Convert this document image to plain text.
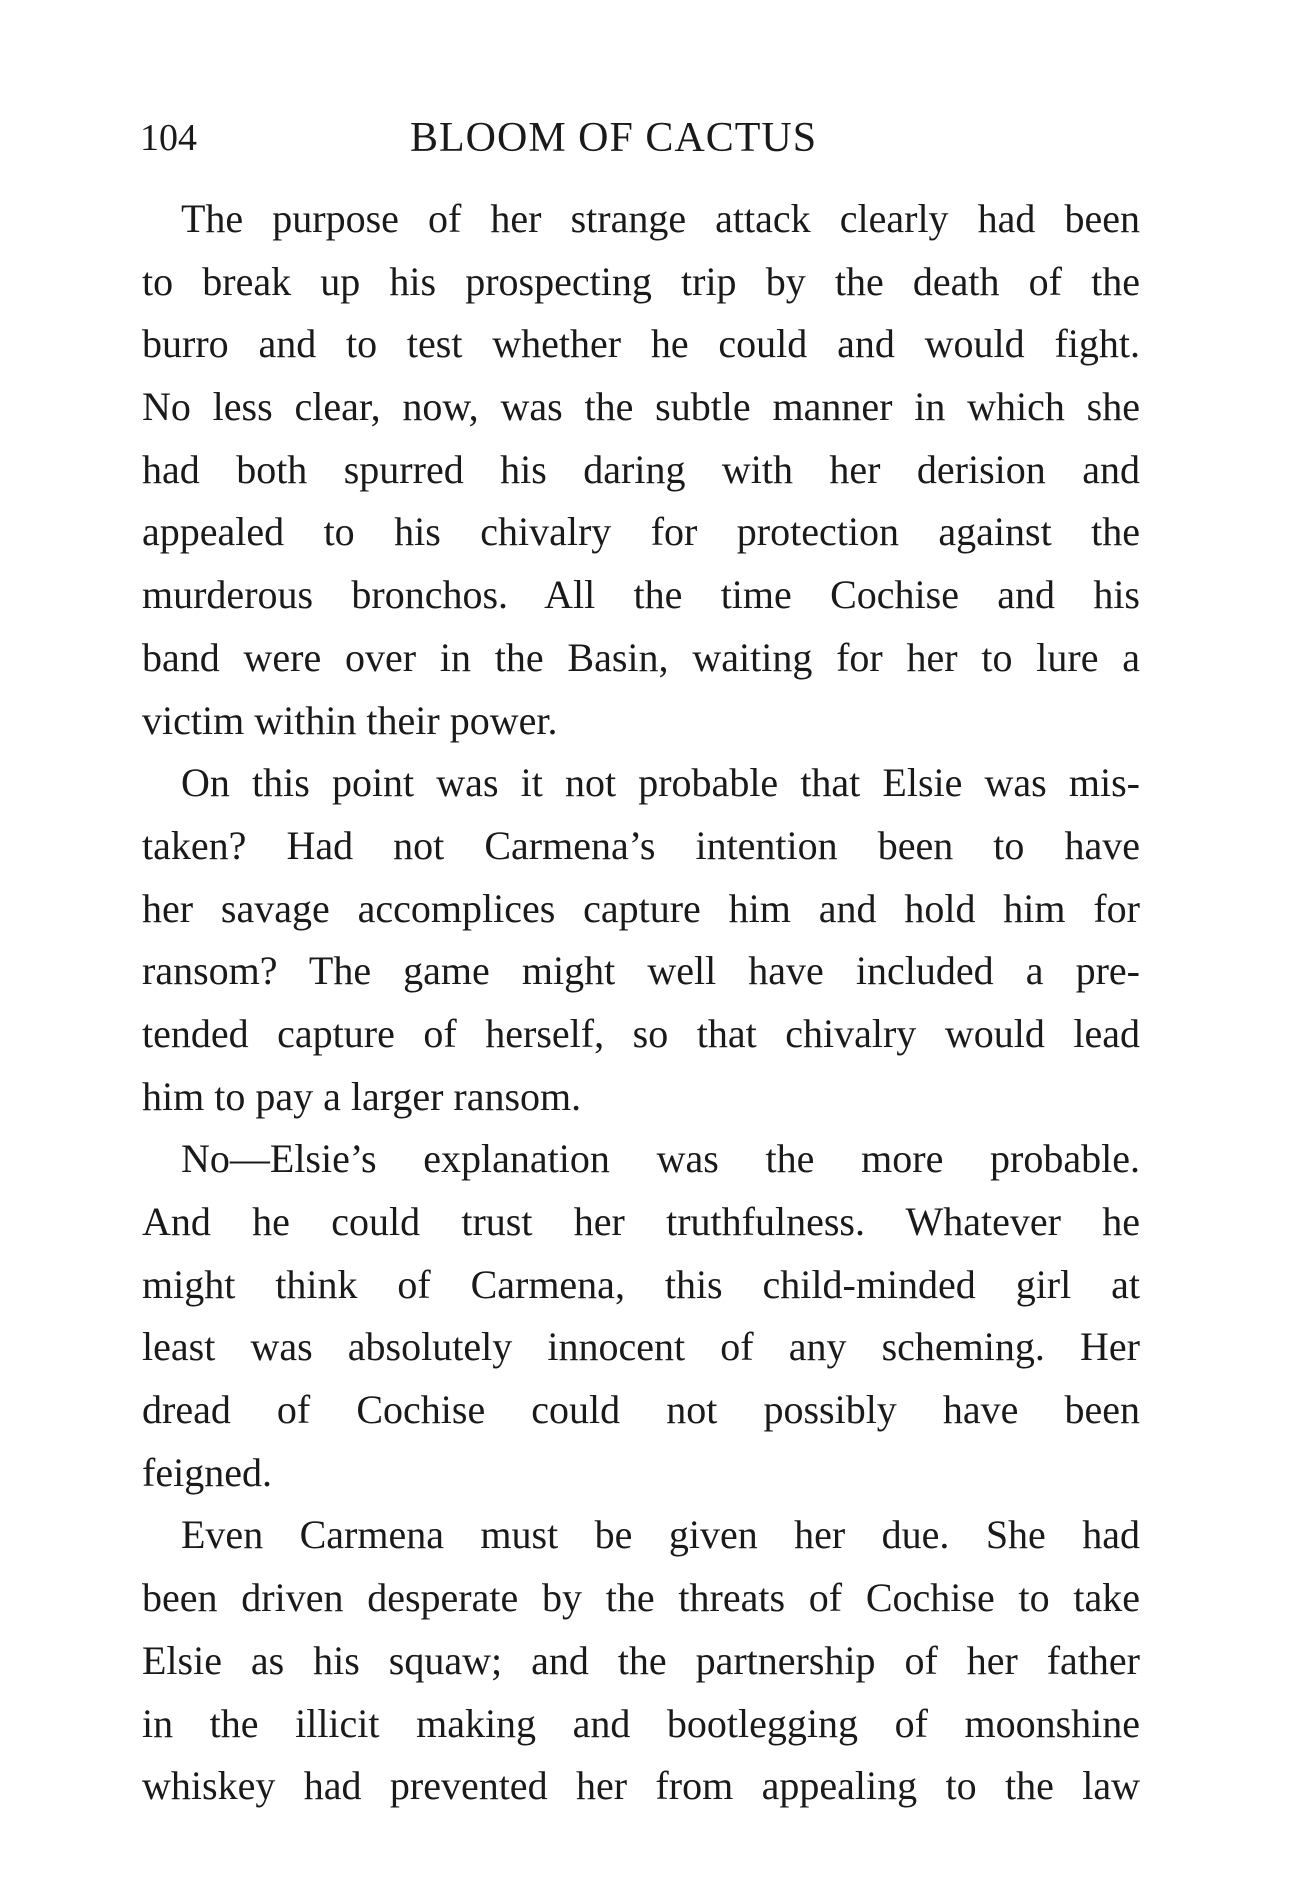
104	BLOOM OF CACTUS
The purpose of her strange attack clearly had been
to break up his prospecting trip by the death of the
burro and to test whether he could and would fight.
No less clear, now, was the subtle manner in which she
had both spurred his daring with her derision and
appealed to his chivalry for protection against the
murderous bronchos. All the time Cochise and his
band were over in the Basin, waiting for her to lure a
victim within their power.
On this point was it not probable that Elsie was mis-
taken? Had not Carmena’s intention been to have
her savage accomplices capture him and hold him for
ransom? The game might well have included a pre-
tended capture of herself, so that chivalry would lead
him to pay a larger ransom.
No—Elsie’s explanation was the more probable.
And he could trust her truthfulness. Whatever he
might think of Carmena, this child-minded girl at
least was absolutely innocent of any scheming. Her
dread of Cochise could not possibly have been
feigned.
Even Carmena must be given her due. She had
been driven desperate by the threats of Cochise to take
Elsie as his squaw; and the partnership of her father
in the illicit making and bootlegging of moonshine
whiskey had prevented her from appealing to the law
